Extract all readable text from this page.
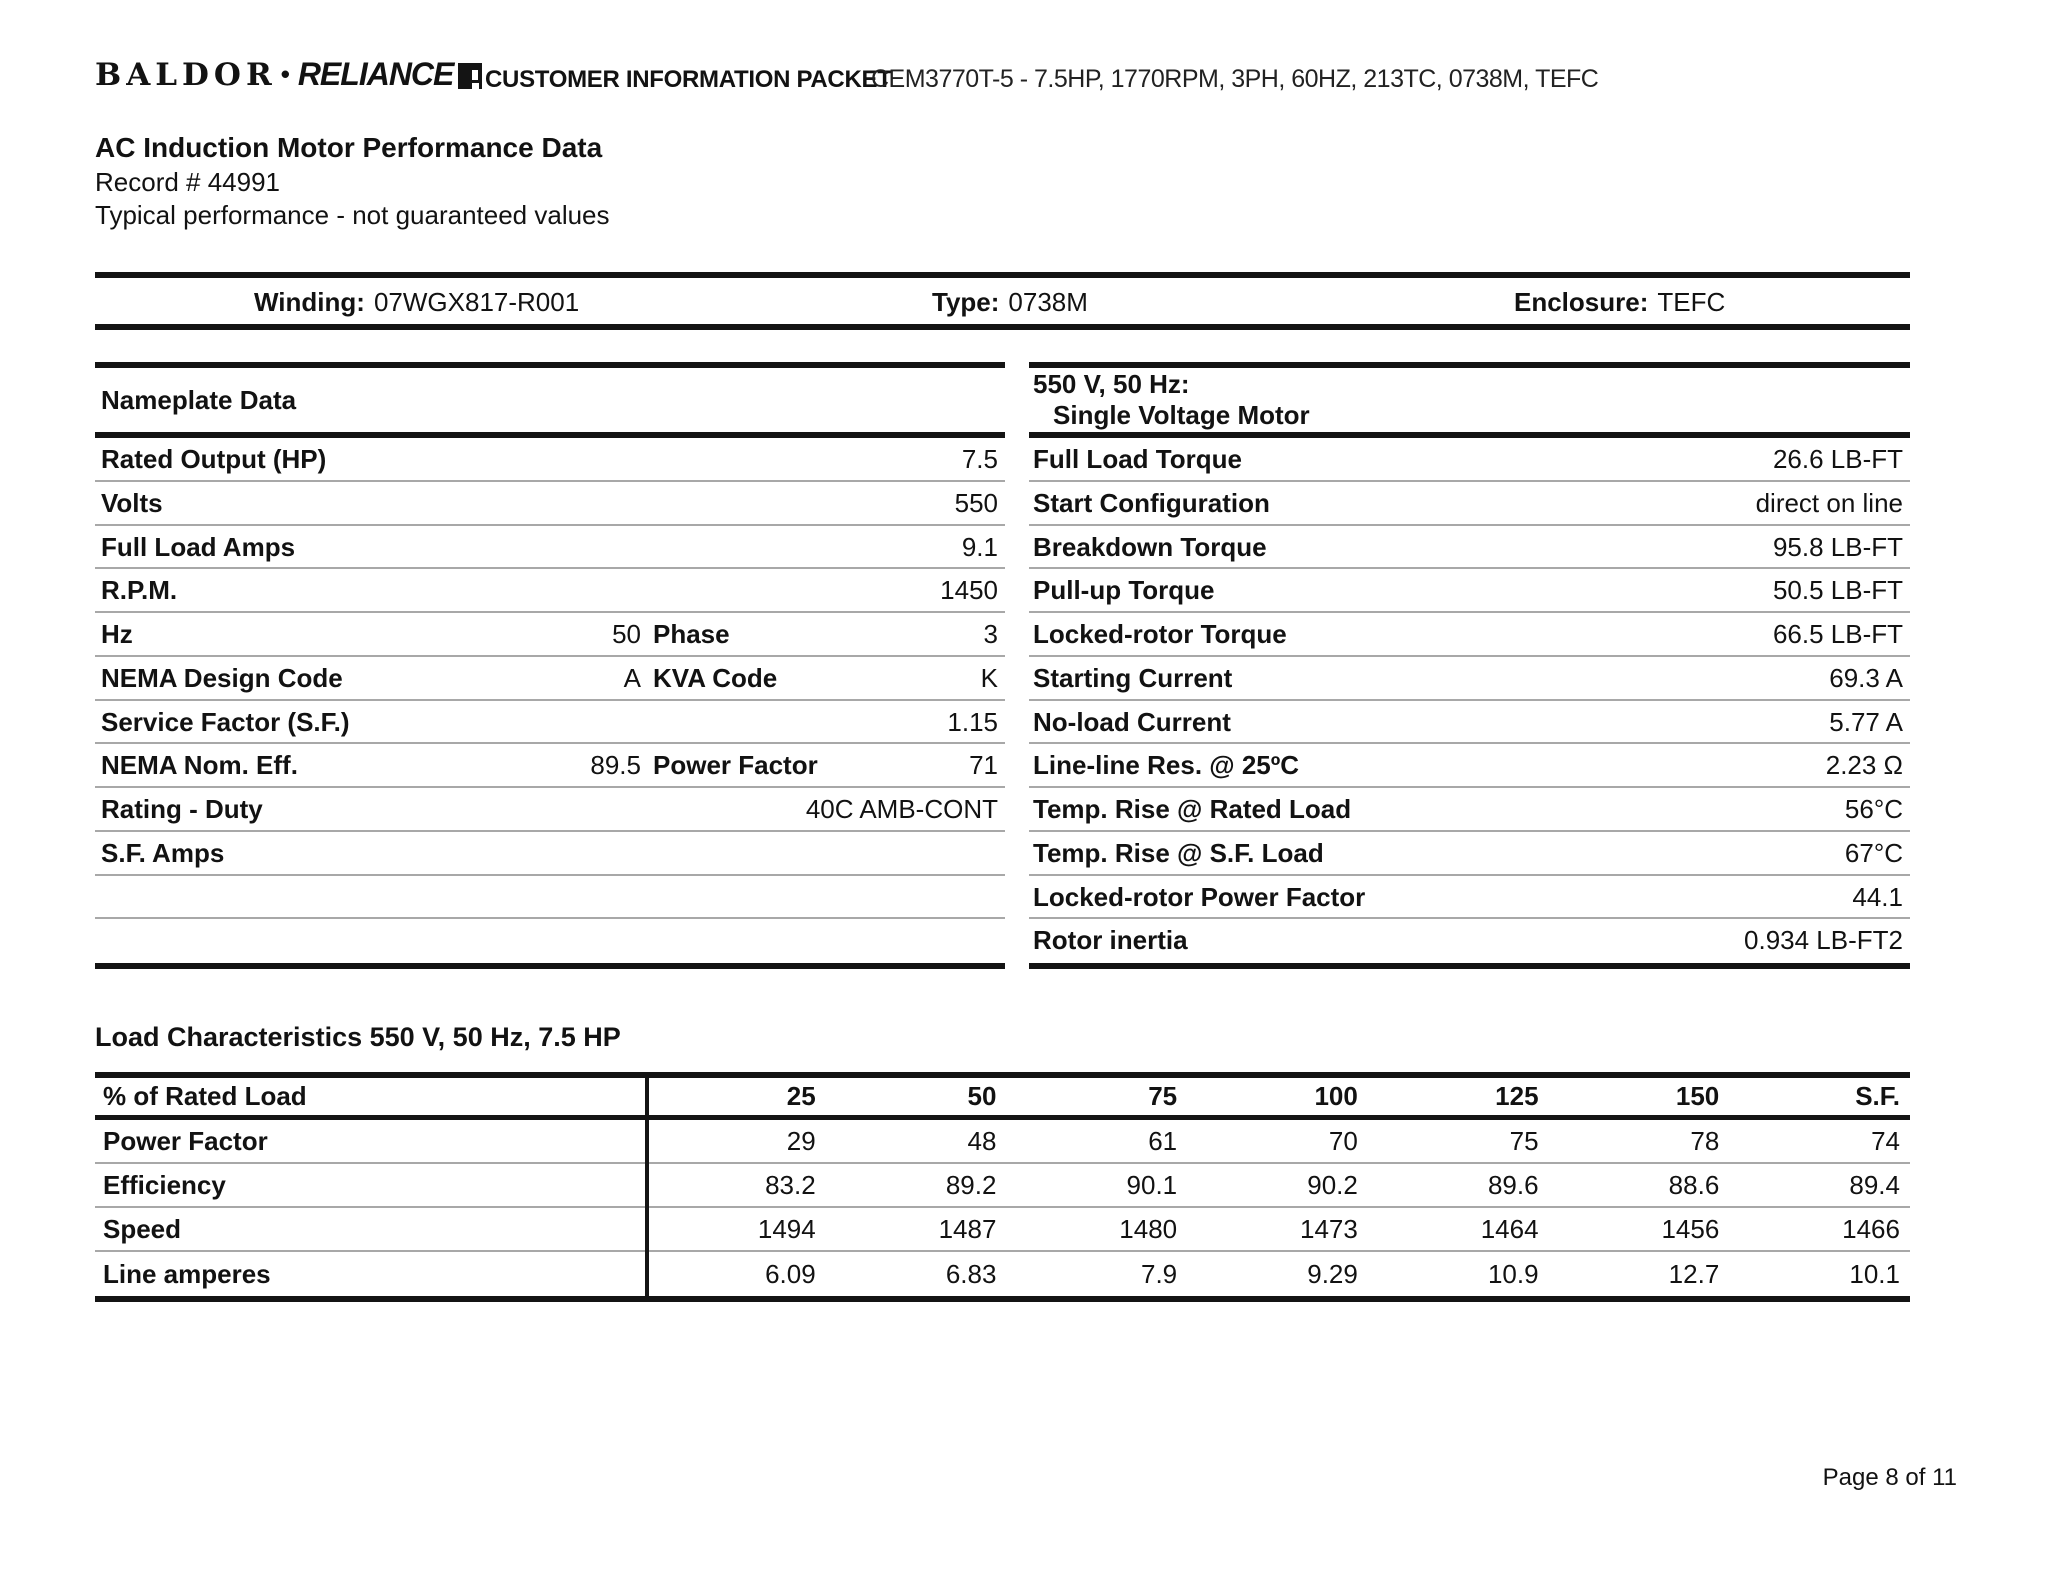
BALDOR • RELIANCE CUSTOMER INFORMATION PACKET
CEM3770T-5 - 7.5HP, 1770RPM, 3PH, 60HZ, 213TC, 0738M, TEFC
AC Induction Motor Performance Data
Record # 44991
Typical performance - not guaranteed values
Winding: 07WGX817-R001	Type: 0738M	Enclosure: TEFC
Nameplate Data
Rated Output (HP)	7.5
Volts	550
Full Load Amps	9.1
R.P.M.	1450
Hz	50 Phase	3
NEMA Design Code	A KVA Code	K
Service Factor (S.F.)	1.15
NEMA Nom. Eff.	89.5 Power Factor	71
Rating - Duty	40C AMB-CONT
S.F. Amps
550 V, 50 Hz:
Single Voltage Motor
Full Load Torque	26.6 LB-FT
Start Configuration	direct on line
Breakdown Torque	95.8 LB-FT
Pull-up Torque	50.5 LB-FT
Locked-rotor Torque	66.5 LB-FT
Starting Current	69.3 A
No-load Current	5.77 A
Line-line Res. @ 25ºC	2.23 Ω
Temp. Rise @ Rated Load	56°C
Temp. Rise @ S.F. Load	67°C
Locked-rotor Power Factor	44.1
Rotor inertia	0.934 LB-FT2
Load Characteristics 550 V, 50 Hz, 7.5 HP
% of Rated Load	25	50	75	100	125	150	S.F.
Power Factor	29	48	61	70	75	78	74
Efficiency	83.2	89.2	90.1	90.2	89.6	88.6	89.4
Speed	1494	1487	1480	1473	1464	1456	1466
Line amperes	6.09	6.83	7.9	9.29	10.9	12.7	10.1
Page 8 of 11
